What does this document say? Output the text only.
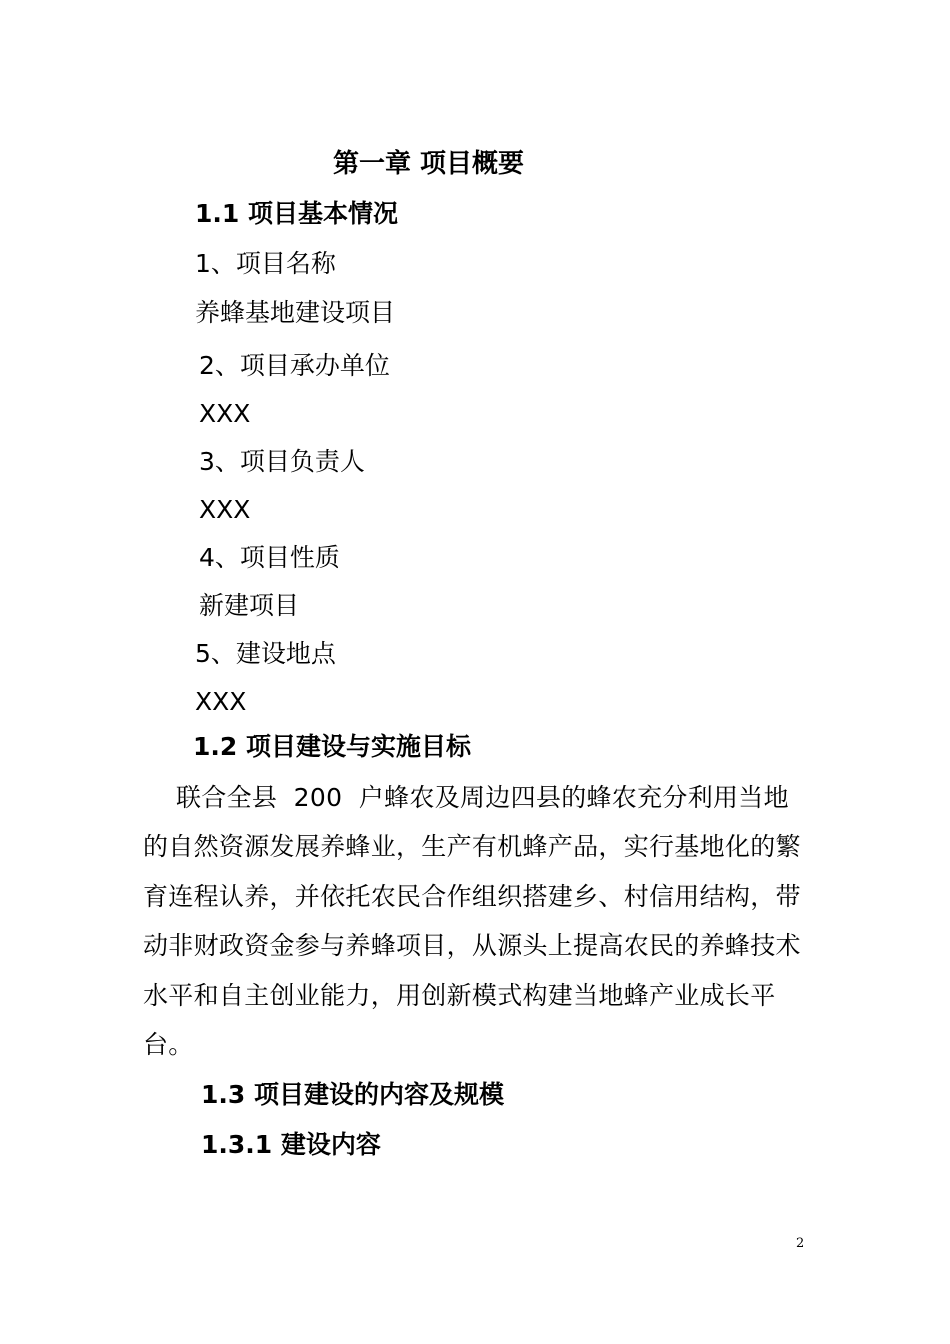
第一章 项目概要
1.1 项目基本情况
1、项目名称
养蜂基地建设项目
2、项目承办单位
XXX
3、项目负责人
XXX
4、项目性质
新建项目
5、建设地点
XXX
1.2 项目建设与实施目标
联合全县  200  户蜂农及周边四县的蜂农充分利用当地
的自然资源发展养蜂业，生产有机蜂产品，实行基地化的繁
育连程认养，并依托农民合作组织搭建乡、村信用结构，带
动非财政资金参与养蜂项目，从源头上提高农民的养蜂技术
水平和自主创业能力，用创新模式构建当地蜂产业成长平
台。
1.3 项目建设的内容及规模
1.3.1 建设内容
2
